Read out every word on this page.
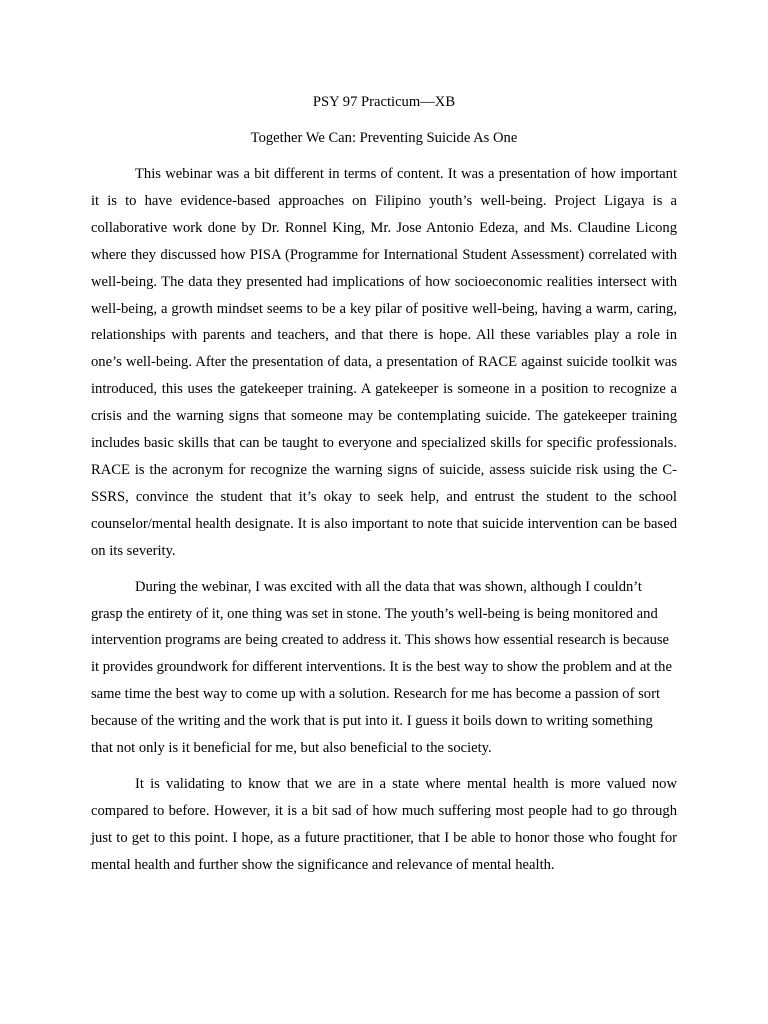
PSY 97 Practicum—XB
Together We Can: Preventing Suicide As One

This webinar was a bit different in terms of content. It was a presentation of how important it is to have evidence-based approaches on Filipino youth’s well-being. Project Ligaya is a collaborative work done by Dr. Ronnel King, Mr. Jose Antonio Edeza, and Ms. Claudine Licong where they discussed how PISA (Programme for International Student Assessment) correlated with well-being. The data they presented had implications of how socioeconomic realities intersect with well-being, a growth mindset seems to be a key pilar of positive well-being, having a warm, caring, relationships with parents and teachers, and that there is hope. All these variables play a role in one’s well-being. After the presentation of data, a presentation of RACE against suicide toolkit was introduced, this uses the gatekeeper training. A gatekeeper is someone in a position to recognize a crisis and the warning signs that someone may be contemplating suicide. The gatekeeper training includes basic skills that can be taught to everyone and specialized skills for specific professionals. RACE is the acronym for recognize the warning signs of suicide, assess suicide risk using the C-SSRS, convince the student that it’s okay to seek help, and entrust the student to the school counselor/mental health designate. It is also important to note that suicide intervention can be based on its severity.

During the webinar, I was excited with all the data that was shown, although I couldn’t grasp the entirety of it, one thing was set in stone. The youth’s well-being is being monitored and intervention programs are being created to address it. This shows how essential research is because it provides groundwork for different interventions. It is the best way to show the problem and at the same time the best way to come up with a solution. Research for me has become a passion of sort because of the writing and the work that is put into it. I guess it boils down to writing something that not only is it beneficial for me, but also beneficial to the society.

It is validating to know that we are in a state where mental health is more valued now compared to before. However, it is a bit sad of how much suffering most people had to go through just to get to this point. I hope, as a future practitioner, that I be able to honor those who fought for mental health and further show the significance and relevance of mental health.
